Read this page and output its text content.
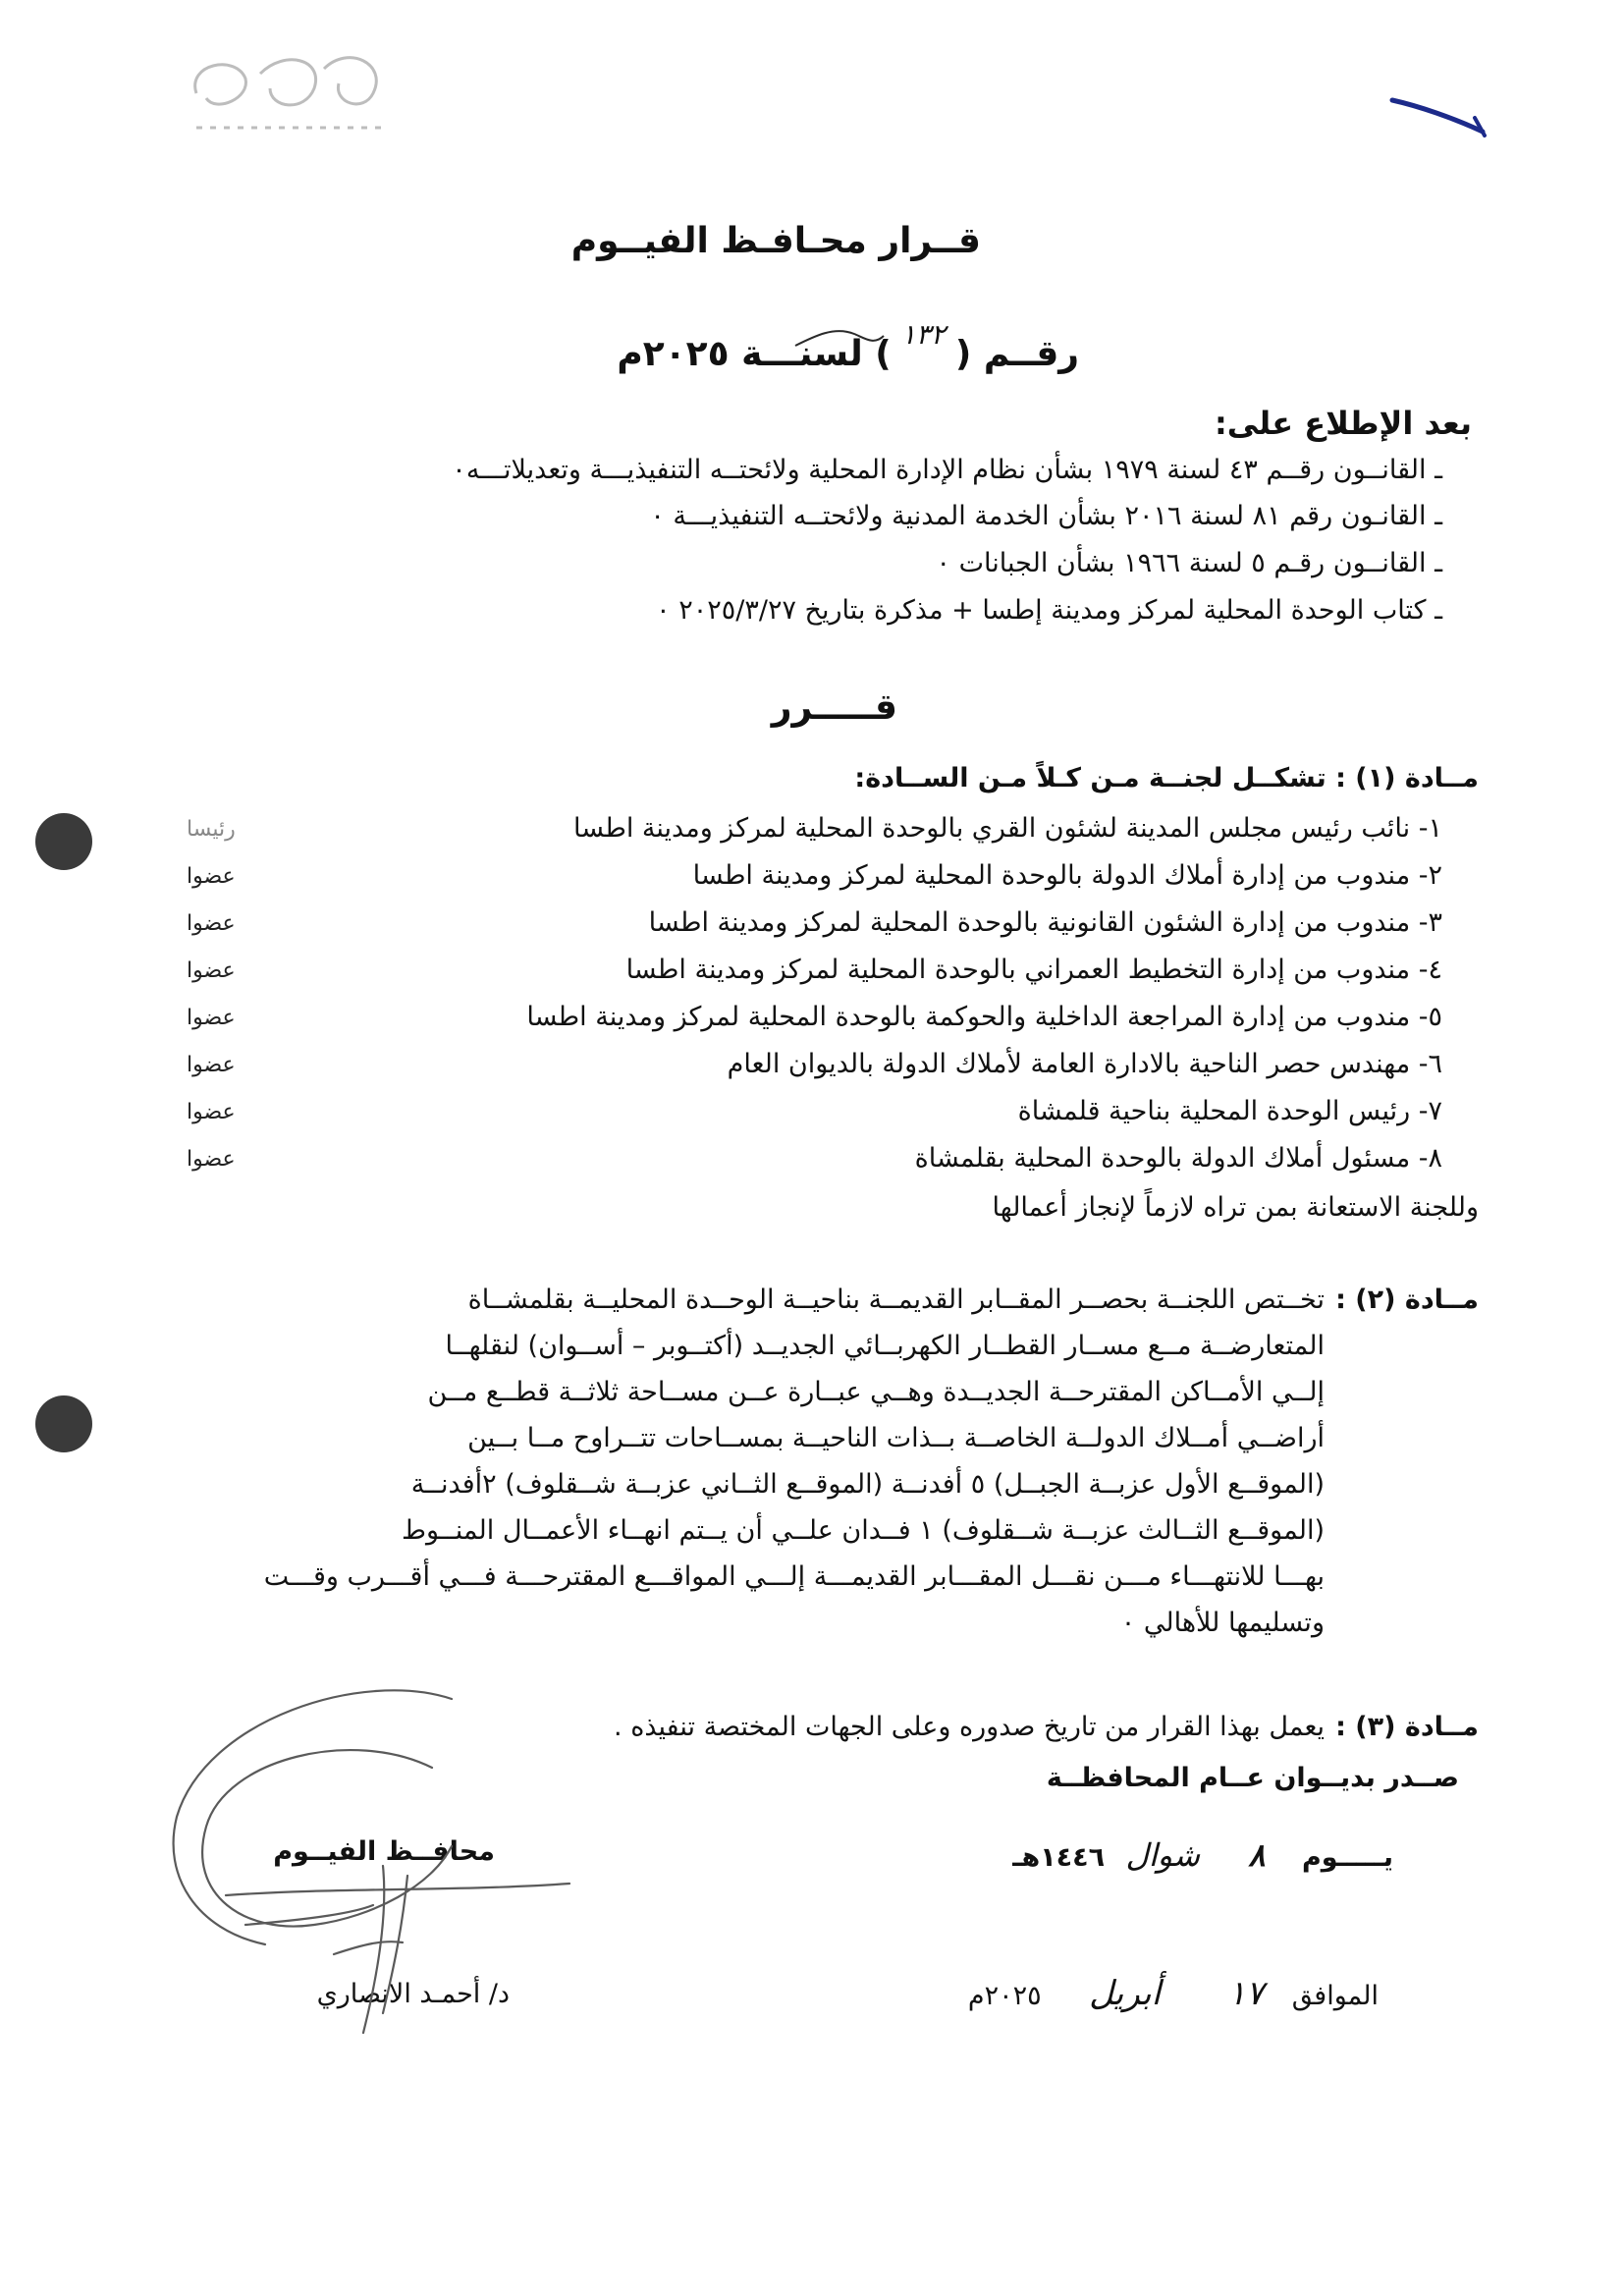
قــرار محـافـظ الفيــوم
رقــم ($^{١٣٢}$) لسنـــة ٢٠٢٥م
بعد الإطلاع على:
ـ القانــون رقــم ٤٣ لسنة ١٩٧٩ بشأن نظام الإدارة المحلية ولائحتــه التنفيذيـــة وتعديلاتـــه٠
ـ القانـون رقم ٨١ لسنة ٢٠١٦ بشأن الخدمة المدنية ولائحتــه التنفيذيـــة ٠
ـ القانــون رقـم ٥ لسنة ١٩٦٦ بشأن الجبانات ٠
ـ كتاب الوحدة المحلية لمركز ومدينة إطسا + مذكرة بتاريخ ٢٠٢٥/٣/٢٧ ٠
قـــــرر
مــادة (١) : تشكــل لجنــة مـن كـلاً مـن الســادة:
١- نائب رئيس مجلس المدينة لشئون القري بالوحدة المحلية لمركز ومدينة اطسا
رئيسا
٢- مندوب من إدارة أملاك الدولة بالوحدة المحلية لمركز ومدينة اطسا
عضوا
٣- مندوب من إدارة الشئون القانونية بالوحدة المحلية لمركز ومدينة اطسا
عضوا
٤- مندوب من إدارة التخطيط العمراني بالوحدة المحلية لمركز ومدينة اطسا
عضوا
٥- مندوب من إدارة المراجعة الداخلية والحوكمة بالوحدة المحلية لمركز ومدينة اطسا
عضوا
٦- مهندس حصر الناحية بالادارة العامة لأملاك الدولة بالديوان العام
عضوا
٧- رئيس الوحدة المحلية بناحية قلمشاة
عضوا
٨- مسئول أملاك الدولة بالوحدة المحلية بقلمشاة
عضوا
وللجنة الاستعانة بمن تراه لازماً لإنجاز أعمالها
مــادة (٢) :
تخــتص اللجنــة بحصــر المقــابر القديمــة بناحيــة الوحــدة المحليــة بقلمشــاة
المتعارضــة مــع مســار القطــار الكهربــائي الجديــد (أكتــوبر – أســوان) لنقلهــا
إلــي الأمــاكن المقترحــة الجديــدة وهــي عبــارة عــن مســاحة ثلاثــة قطــع مــن
أراضــي أمــلاك الدولــة الخاصــة بــذات الناحيــة بمســاحات تتــراوح مــا بــين
(الموقــع الأول عزبــة الجبــل) ٥ أفدنــة (الموقــع الثــاني عزبــة شــقلوف) ٢أفدنــة
(الموقــع الثــالث عزبــة شــقلوف) ١ فــدان علــي أن يــتم انهــاء الأعمــال المنــوط
بهـــا للانتهـــاء مـــن نقـــل المقـــابر القديمـــة إلـــي المواقـــع المقترحـــة فـــي أقـــرب وقـــت
وتسليمها للأهالي ٠
مــادة (٣) :
يعمل بهذا القرار من تاريخ صدوره وعلى الجهات المختصة تنفيذه .
صــدر بديــوان عــام المحافظــة
محافــظ الفيــوم
د/ أحمـد الانصاري
يـــــوم ٨ شوال ١٤٤٦هـ
الموافق ١٧ أبريل ٢٠٢٥م
